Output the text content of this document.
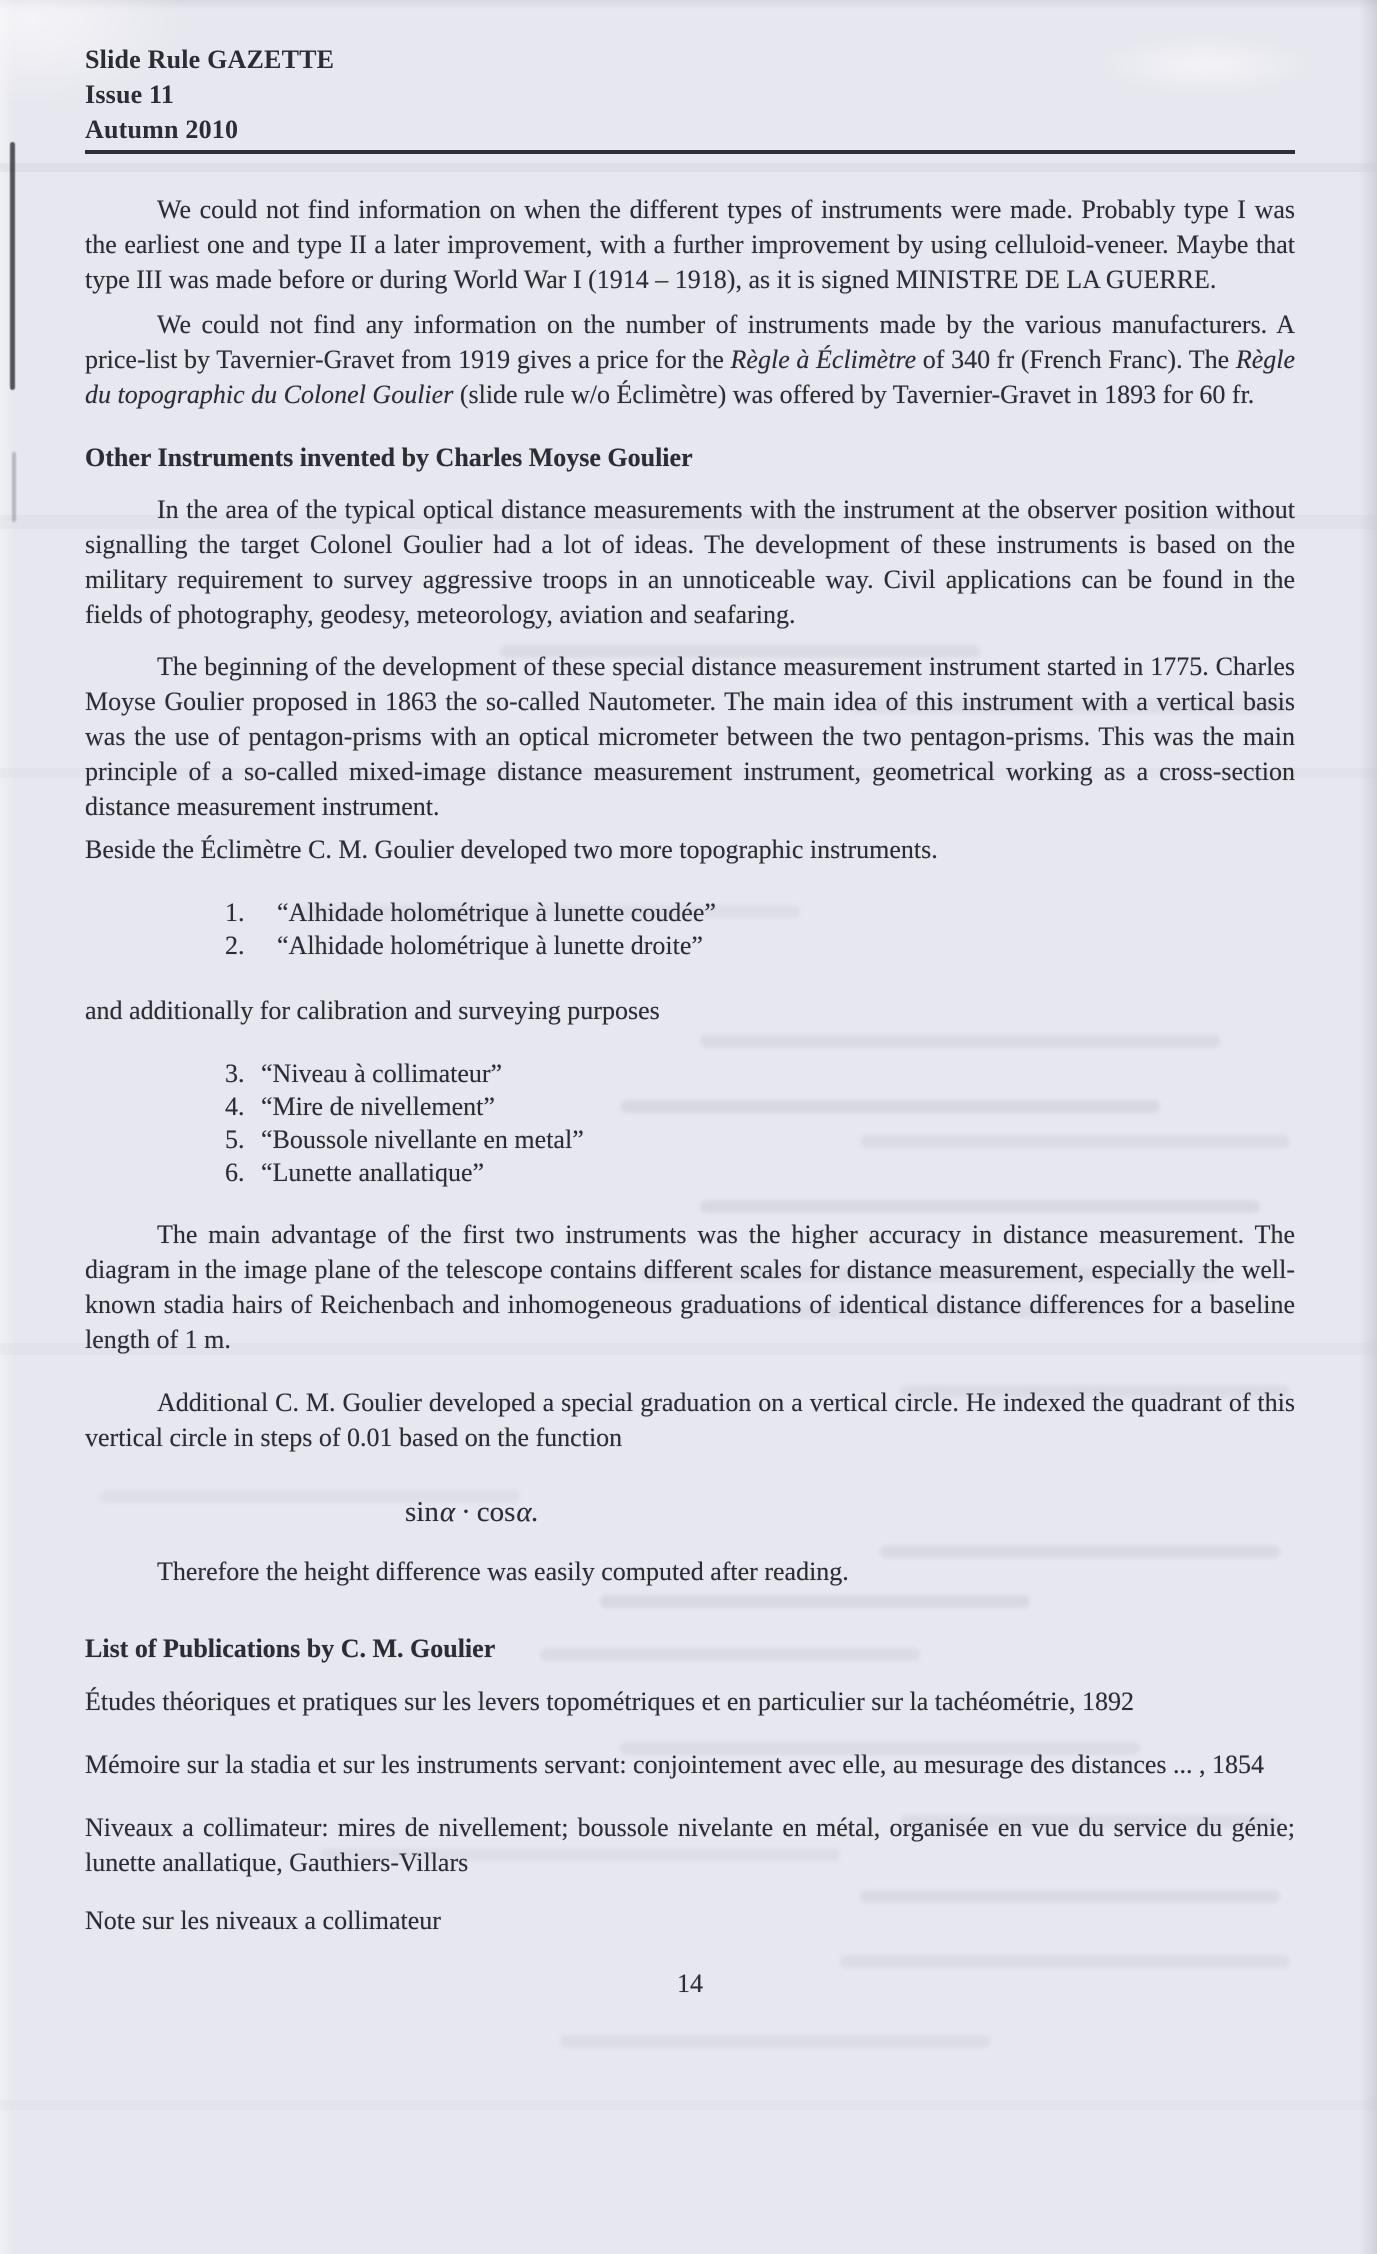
Slide Rule GAZETTE
Issue 11
Autumn 2010

We could not find information on when the different types of instruments were made. Probably type I was the earliest one and type II a later improvement, with a further improvement by using celluloid-veneer. Maybe that type III was made before or during World War I (1914 – 1918), as it is signed MINISTRE DE LA GUERRE.

We could not find any information on the number of instruments made by the various manufacturers. A price-list by Tavernier-Gravet from 1919 gives a price for the Règle à Éclimètre of 340 fr (French Franc). The Règle du topographic du Colonel Goulier (slide rule w/o Éclimètre) was offered by Tavernier-Gravet in 1893 for 60 fr.

Other Instruments invented by Charles Moyse Goulier

In the area of the typical optical distance measurements with the instrument at the observer position without signalling the target Colonel Goulier had a lot of ideas. The development of these instruments is based on the military requirement to survey aggressive troops in an unnoticeable way. Civil applications can be found in the fields of photography, geodesy, meteorology, aviation and seafaring.

The beginning of the development of these special distance measurement instrument started in 1775. Charles Moyse Goulier proposed in 1863 the so-called Nautometer. The main idea of this instrument with a vertical basis was the use of pentagon-prisms with an optical micrometer between the two pentagon-prisms. This was the main principle of a so-called mixed-image distance measurement instrument, geometrical working as a cross-section distance measurement instrument.

Beside the Éclimètre C. M. Goulier developed two more topographic instruments.

1. “Alhidade holométrique à lunette coudée”
2. “Alhidade holométrique à lunette droite”

and additionally for calibration and surveying purposes

3. “Niveau à collimateur”
4. “Mire de nivellement”
5. “Boussole nivellante en metal”
6. “Lunette anallatique”

The main advantage of the first two instruments was the higher accuracy in distance measurement. The diagram in the image plane of the telescope contains different scales for distance measurement, especially the well-known stadia hairs of Reichenbach and inhomogeneous graduations of identical distance differences for a baseline length of 1 m.

Additional C. M. Goulier developed a special graduation on a vertical circle. He indexed the quadrant of this vertical circle in steps of 0.01 based on the function

sinα · cosα.

Therefore the height difference was easily computed after reading.

List of Publications by C. M. Goulier

Études théoriques et pratiques sur les levers topométriques et en particulier sur la tachéométrie, 1892

Mémoire sur la stadia et sur les instruments servant: conjointement avec elle, au mesurage des distances ... , 1854

Niveaux a collimateur: mires de nivellement; boussole nivelante en métal, organisée en vue du service du génie; lunette anallatique, Gauthiers-Villars

Note sur les niveaux a collimateur

14
